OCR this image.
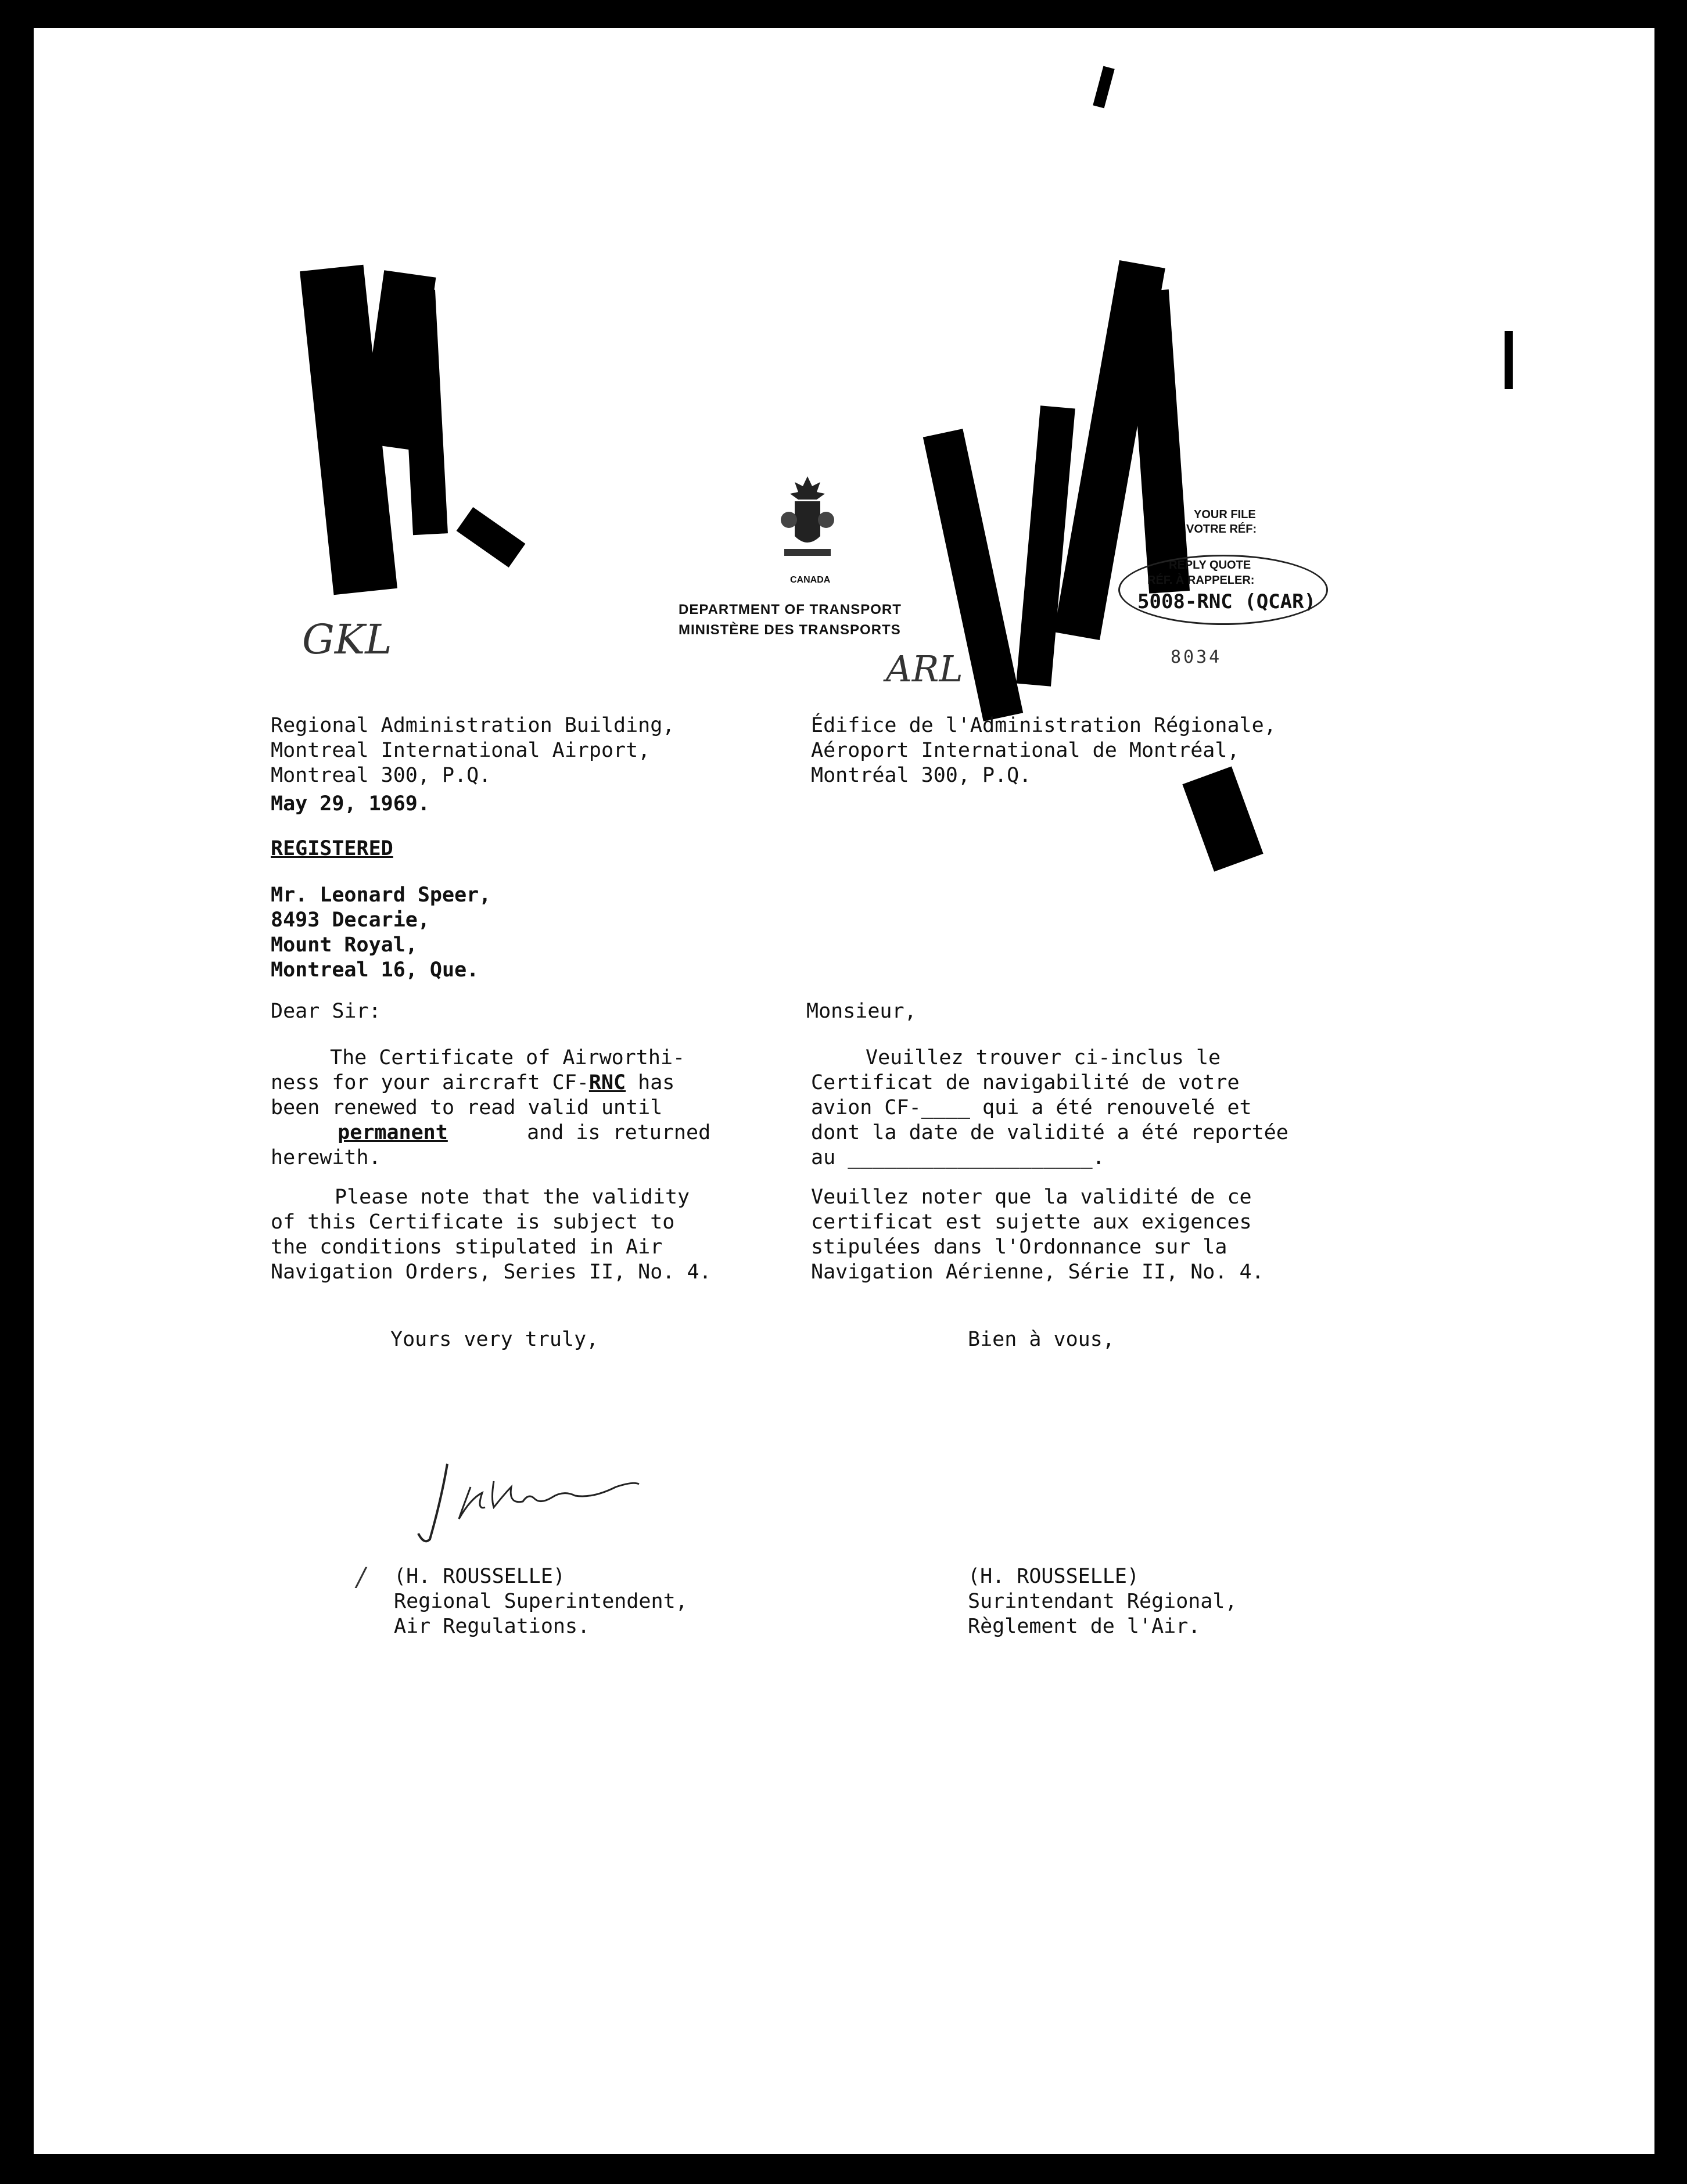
CANADA
DEPARTMENT OF TRANSPORT
MINISTÈRE DES TRANSPORTS
YOUR FILE
VOTRE RÉF:
REPLY QUOTE
RÉF. À RAPPELER:
5008-RNC (QCAR)
8034
GKL
ARL
Regional Administration Building,
Montreal International Airport,
Montreal 300, P.Q.
Édifice de l'Administration Régionale,
Aéroport International de Montréal,
Montréal 300, P.Q.
May 29, 1969.
REGISTERED
Mr. Leonard Speer,
8493 Decarie,
Mount Royal,
Montreal 16, Que.
Dear Sir:	Monsieur,
The Certificate of Airworthi-
ness for your aircraft CF-RNC has
been renewed to read valid until
permanent	and is returned
herewith.
Please note that the validity
of this Certificate is subject to
the conditions stipulated in Air
Navigation Orders, Series II, No. 4.
Veuillez trouver ci-inclus le
Certificat de navigabilité de votre
avion CF-____ qui a été renouvelé et
dont la date de validité a été reportée
au ____________________.
Veuillez noter que la validité de ce
certificat est sujette aux exigences
stipulées dans l'Ordonnance sur la
Navigation Aérienne, Série II, No. 4.
Yours very truly,	Bien à vous,
/ (H. ROUSSELLE)
Regional Superintendent,
Air Regulations.
(H. ROUSSELLE)
Surintendant Régional,
Règlement de l'Air.
